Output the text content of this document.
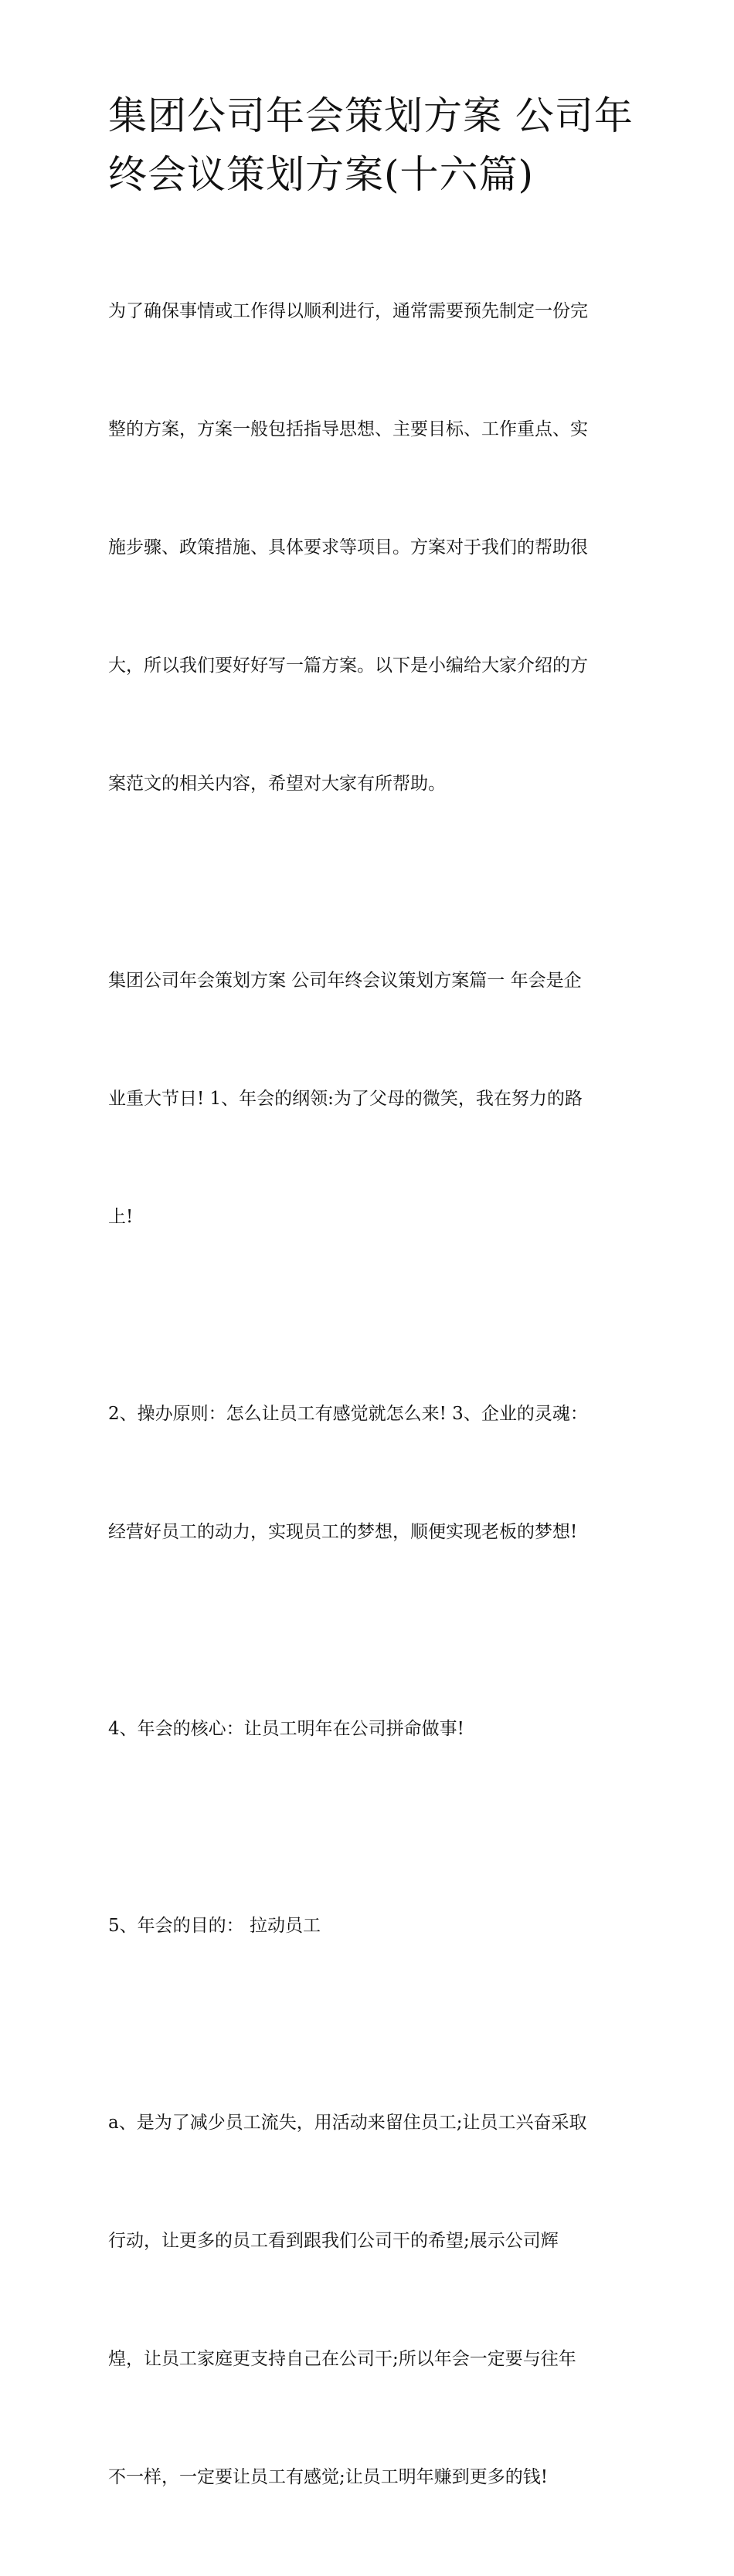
集团公司年会策划方案 公司年
终会议策划方案(十六篇)

为了确保事情或工作得以顺利进行，通常需要预先制定一份完

整的方案，方案一般包括指导思想、主要目标、工作重点、实

施步骤、政策措施、具体要求等项目。方案对于我们的帮助很

大，所以我们要好好写一篇方案。以下是小编给大家介绍的方

案范文的相关内容，希望对大家有所帮助。

集团公司年会策划方案 公司年终会议策划方案篇一 年会是企

业重大节日! 1、年会的纲领:为了父母的微笑，我在努力的路

上!

2、操办原则：怎么让员工有感觉就怎么来! 3、企业的灵魂：

经营好员工的动力，实现员工的梦想，顺便实现老板的梦想!

4、年会的核心：让员工明年在公司拼命做事!

5、年会的目的： 拉动员工

a、是为了减少员工流失，用活动来留住员工;让员工兴奋采取

行动，让更多的员工看到跟我们公司干的希望;展示公司辉

煌，让员工家庭更支持自己在公司干;所以年会一定要与往年

不一样，一定要让员工有感觉;让员工明年赚到更多的钱!
